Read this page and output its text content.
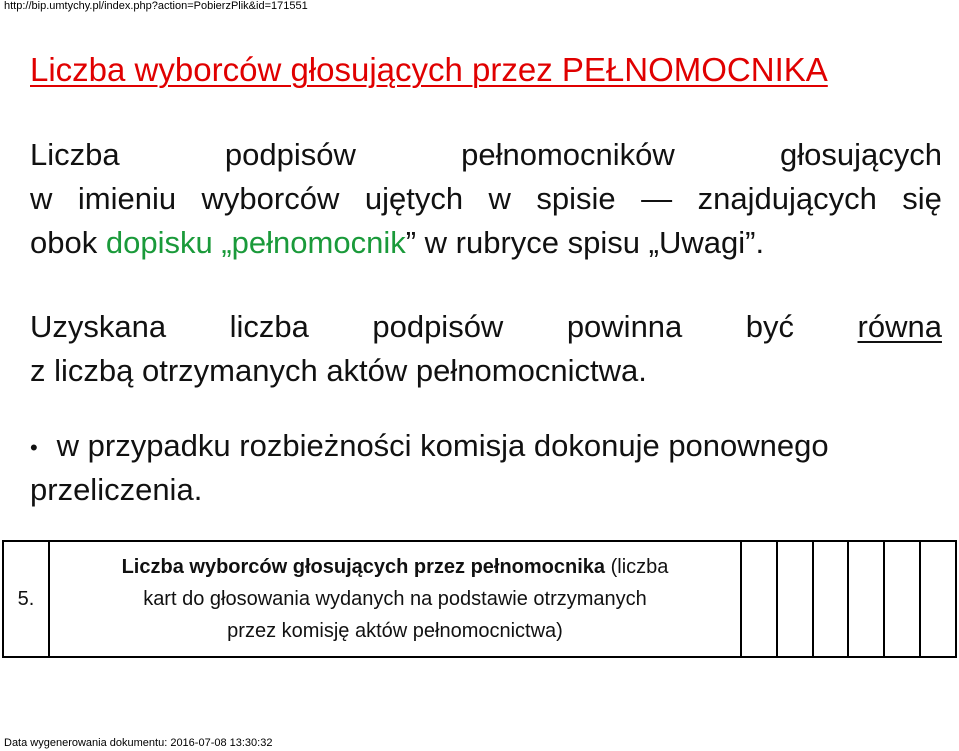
http://bip.umtychy.pl/index.php?action=PobierzPlik&id=171551
Liczba wyborców głosujących przez PEŁNOMOCNIKA
Liczba	podpisów	pełnomocników	głosujących
w imieniu wyborców ujętych w spisie — znajdujących się
obok dopisku „pełnomocnik” w rubryce spisu „Uwagi”.
Uzyskana liczba podpisów powinna być równa
z liczbą otrzymanych aktów pełnomocnictwa.
• w przypadku rozbieżności komisja dokonuje ponownego
przeliczenia.
5.	
Liczba wyborców głosujących przez pełnomocnika (liczba
kart do głosowania wydanych na podstawie otrzymanych
przez komisję aktów pełnomocnictwa)

Data wygenerowania dokumentu: 2016-07-08 13:30:32
